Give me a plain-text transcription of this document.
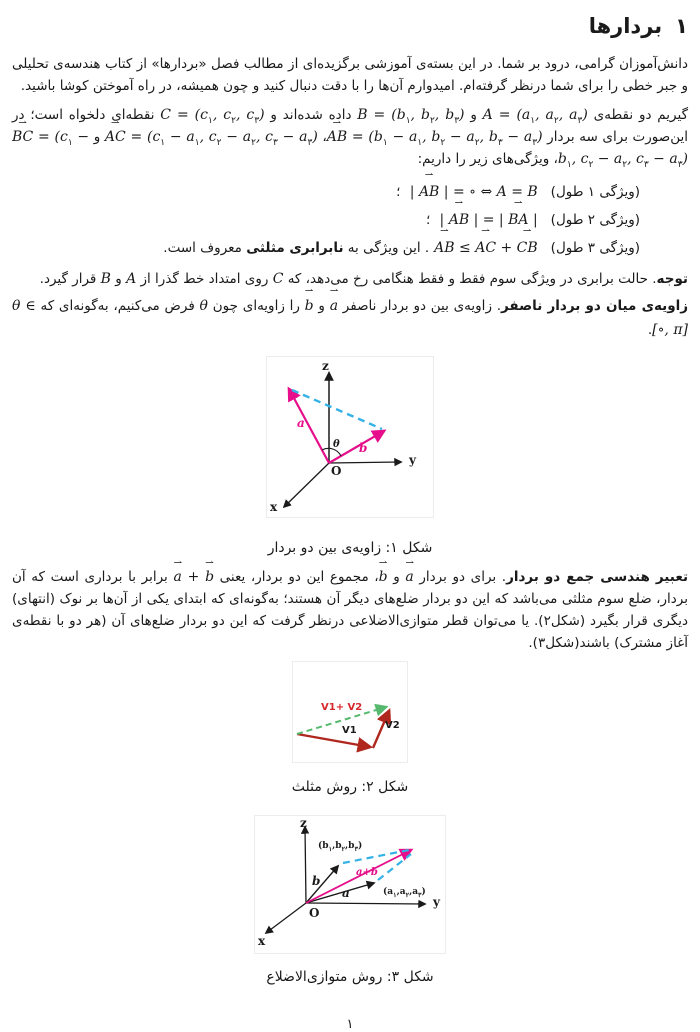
۱
بردارها

دانش‌آموزان گرامی، درود بر شما. در این بسته‌ی آموزشی برگزیده‌ای از مطالب فصل «بردارها» از کتاب هندسه‌ی تحلیلی و جبر خطی را برای شما درنظر گرفته‌ام. امیدوارم آن‌ها را با دقت دنبال کنید و چون همیشه، در راه آموختن کوشا باشید.

گیریم دو نقطه‌ی $A = (a_۱$, $a_۲$, $a_۳$) و $B = (b_۱$, $b_۲$, $b_۳$) داده شده‌اند و $C = (c_۱$, $c_۲$, $c_۳$) نقطه‌ای دلخواه است؛ در این‌صورت برای سه بردار ⇀ AB = ($b_۱ - a_۱$, $b_۲ - a_۲$, $b_۳$ − $a_۳)،$ ⇀ AC = ($c_۱ - a_۱$, $c_۲ - a_۲$, $c_۳ - a_۳$) و ⇀ BC = ($c_۱ - b_۱$, $c_۲ - a_۲$, $c_۳$ − $a_۳)،$ ویژگی‌های زیر را داریم:

(ویژگی ۱ طول)| ⇀ AB | = ∘ ⇔ A = B ؛
(ویژگی ۲ طول)| ⇀ AB | = | ⇀ BA | ؛
(ویژگی ۳ طول)⇀ AB ≤ ⇀ AC + ⇀ CB. این ویژگی به نابرابری مثلثی معروف است.

توجه. حالت برابری در ویژگی سوم فقط و فقط هنگامی رخ می‌دهد، که C روی امتداد خط گذرا از A و B قرار گیرد.

زاویه‌ی میان دو بردار ناصفر. زاویه‌ی بین دو بردار ناصفر ⇀ a و ⇀ b را زاویه‌ای چون θ فرض می‌کنیم، به‌گونه‌ای که θ ∈ [∘, π].

z
y
x
O
a
b
θ
شکل ۱: زاویه‌ی بین دو بردار

تعبیر هندسی جمع دو بردار. برای دو بردار ⇀ a و ⇀ b، مجموع این دو بردار، یعنی ⇀ a + ⇀ b برابر با برداری است که آن بردار، ضلع سوم مثلثی می‌باشد که این دو بردار ضلع‌های دیگر آن هستند؛ به‌گونه‌ای که ابتدای یکی از آن‌ها بر نوک (انتهای) دیگری قرار بگیرد (شکل۲). یا می‌توان قطر متوازی‌الاضلاعی درنظر گرفت که این دو بردار ضلع‌های آن (هر دو با نقطه‌ی آغاز مشترک) باشند(شکل۳).

V1+ V2
V1	V2
شکل ۲: روش مثلث
z
y
x
O
b
a
a+b
$(b_۱,b_۲,b_۳)$
$(a_۱,a_۲,a_۳)$
شکل ۳: روش متوازی‌الاضلاع
۱
